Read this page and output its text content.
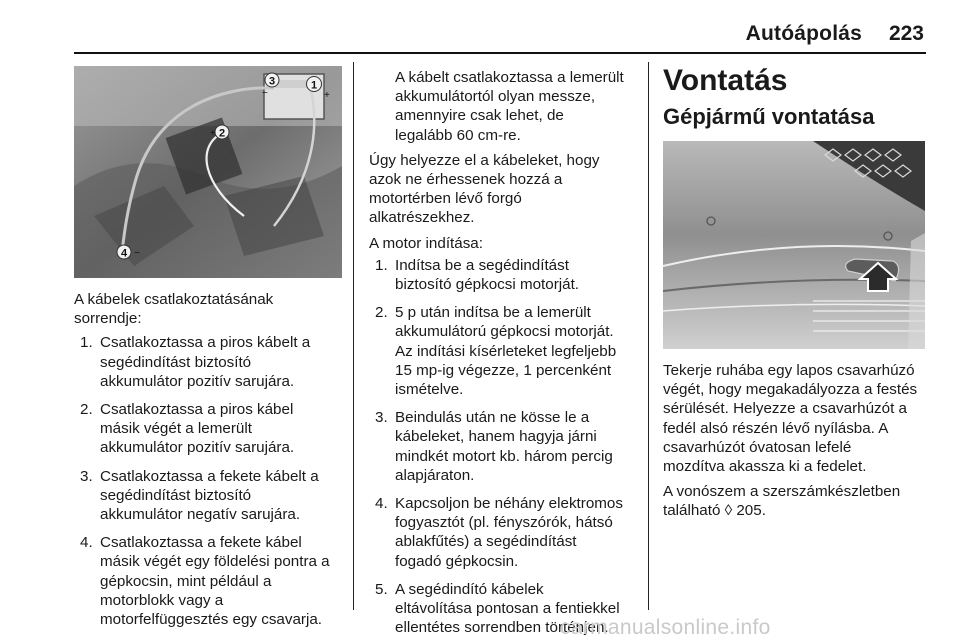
Autóápolás 223
3	1
2
4
−	+
+
−

A kábelek csatlakoztatásának

sorrendje:

1. Csatlakoztassa a piros kábelt a

segédindítást biztosító

akkumulátor pozitív sarujára.

2. Csatlakoztassa a piros kábel

másik végét a lemerült

akkumulátor pozitív sarujára.

3. Csatlakoztassa a fekete kábelt a

segédindítást biztosító

akkumulátor negatív sarujára.

4. Csatlakoztassa a fekete kábel

másik végét egy földelési pontra a

gépkocsin, mint például a

motorblokk vagy a

motorfelfüggesztés egy csavarja.

A kábelt csatlakoztassa a lemerült

akkumulátortól olyan messze,

amennyire csak lehet, de

legalább 60 cm-re.

Úgy helyezze el a kábeleket, hogy

azok ne érhessenek hozzá a

motortérben lévő forgó

alkatrészekhez.

A motor indítása:

1. Indítsa be a segédindítást

biztosító gépkocsi motorját.

2. 5 p után indítsa be a lemerült

akkumulátorú gépkocsi motorját.

Az indítási kísérleteket legfeljebb

15 mp-ig végezze, 1 percenként

ismételve.

3. Beindulás után ne kösse le a

kábeleket, hanem hagyja járni

mindkét motort kb. három percig

alapjáraton.

4. Kapcsoljon be néhány elektromos

fogyasztót (pl. fényszórók, hátsó

ablakfűtés) a segédindítást

fogadó gépkocsin.

5. A segédindító kábelek

eltávolítása pontosan a fentiekkel

ellentétes sorrendben történjen.

Vontatás
Gépjármű vontatása

Tekerje ruhába egy lapos csavarhúzó

végét, hogy megakadályozza a festés

sérülését. Helyezze a csavarhúzót a

fedél alsó részén lévő nyílásba. A

csavarhúzót óvatosan lefelé

mozdítva akassza ki a fedelet.

A vonószem a szerszámkészletben

található ◊ 205.

carmanualsonline.info
